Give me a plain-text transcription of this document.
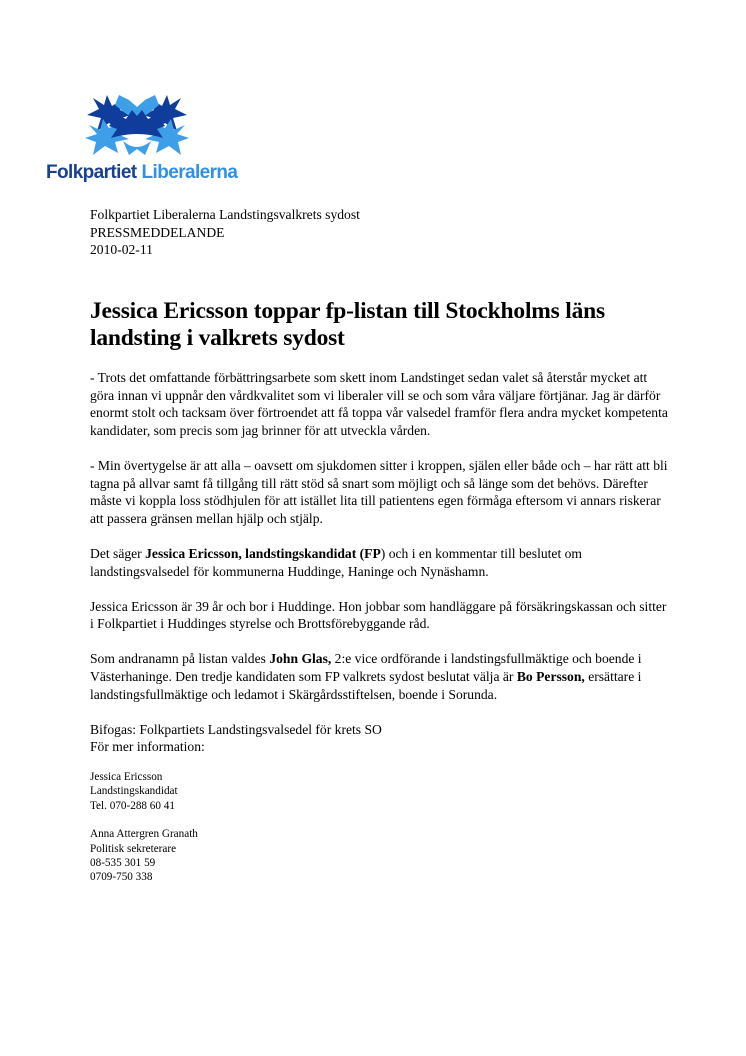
Folkpartiet Liberalerna
Folkpartiet Liberalerna Landstingsvalkrets sydost
PRESSMEDDELANDE
2010-02-11
Jessica Ericsson toppar fp-listan till Stockholms läns
landsting i valkrets sydost
- Trots det omfattande förbättringsarbete som skett inom Landstinget sedan valet så återstår mycket att göra innan vi uppnår den vårdkvalitet som vi liberaler vill se och som våra väljare förtjänar. Jag är därför enormt stolt och tacksam över förtroendet att få toppa vår valsedel framför flera andra mycket kompetenta kandidater, som precis som jag brinner för att utveckla vården.
- Min övertygelse är att alla – oavsett om sjukdomen sitter i kroppen, själen eller både och – har rätt att bli tagna på allvar samt få tillgång till rätt stöd så snart som möjligt och så länge som det behövs. Därefter måste vi koppla loss stödhjulen för att istället lita till patientens egen förmåga eftersom vi annars riskerar att passera gränsen mellan hjälp och stjälp.
Det säger Jessica Ericsson, landstingskandidat (FP) och i en kommentar till beslutet om landstingsvalsedel för kommunerna Huddinge, Haninge och Nynäshamn.
Jessica Ericsson är 39 år och bor i Huddinge. Hon jobbar som handläggare på försäkringskassan och sitter i Folkpartiet i Huddinges styrelse och Brottsförebyggande råd.
Som andranamn på listan valdes John Glas, 2:e vice ordförande i landstingsfullmäktige och boende i Västerhaninge. Den tredje kandidaten som FP valkrets sydost beslutat välja är Bo Persson, ersättare i landstingsfullmäktige och ledamot i Skärgårdsstiftelsen, boende i Sorunda.
Bifogas: Folkpartiets Landstingsvalsedel för krets SO
För mer information:
Jessica Ericsson
Landstingskandidat
Tel. 070-288 60 41
Anna Attergren Granath
Politisk sekreterare
08-535 301 59
0709-750 338
